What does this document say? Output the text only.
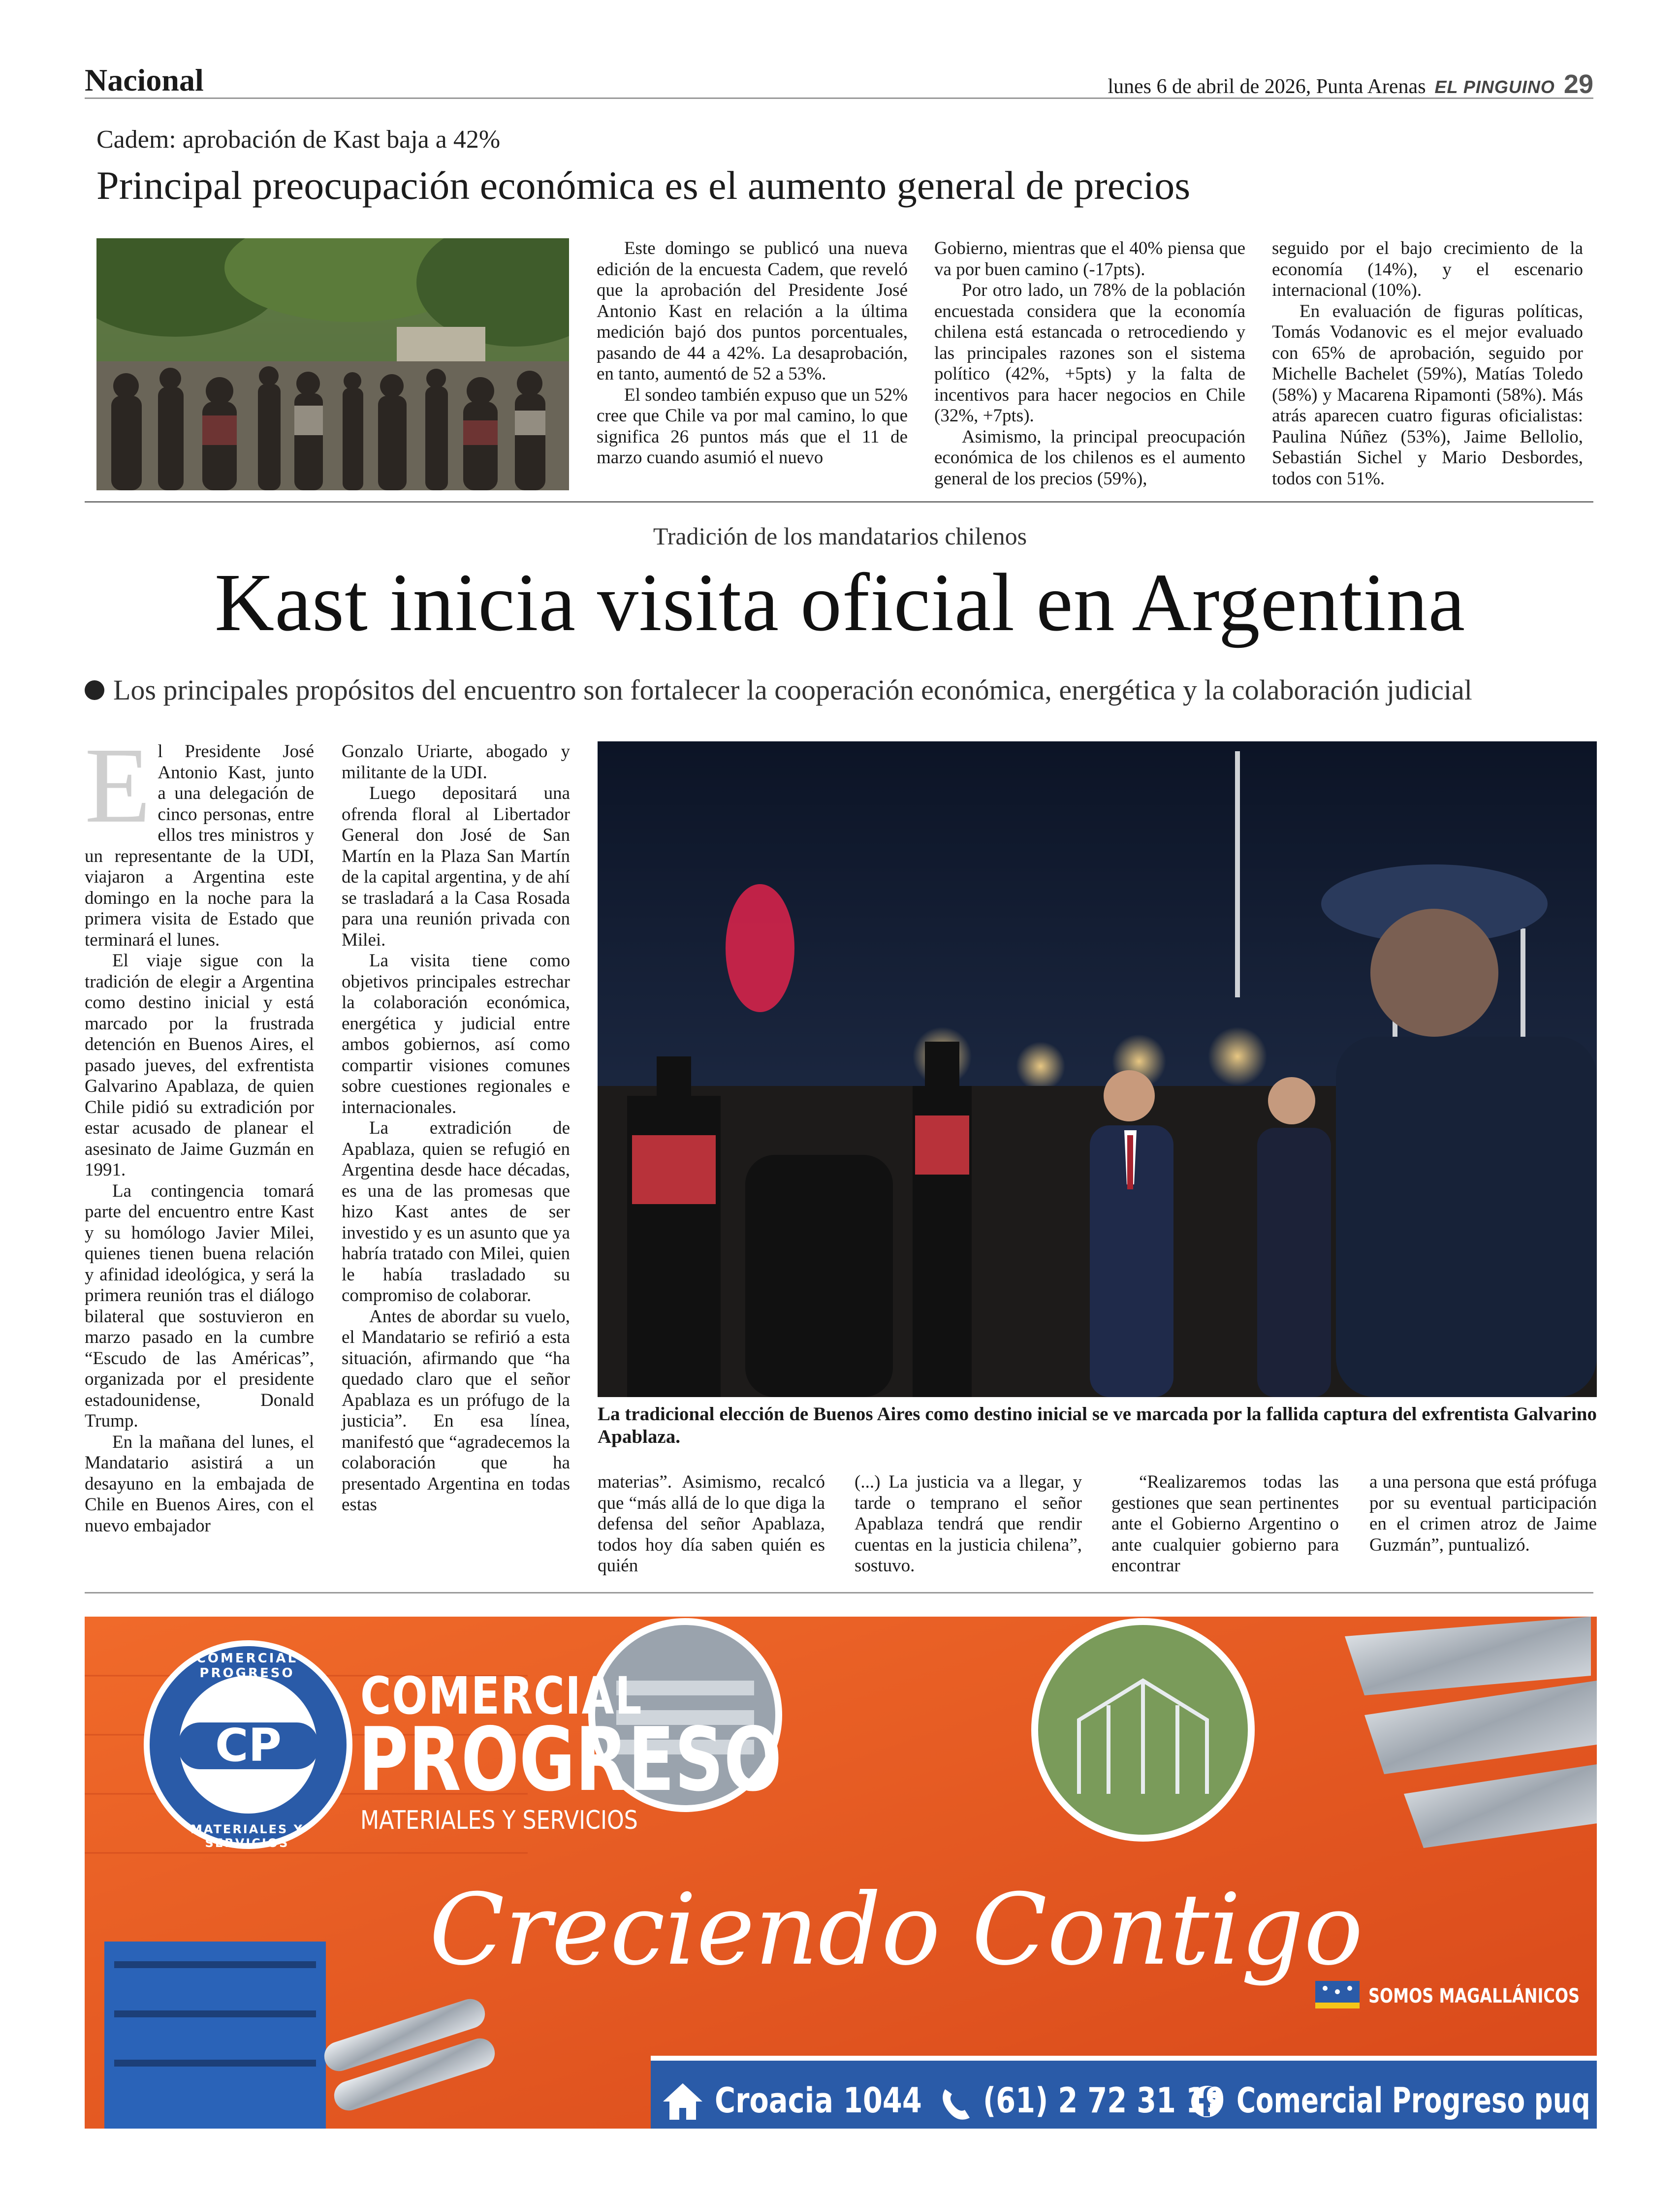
Nacional	lunes 6 de abril de 2026, Punta Arenas EL PINGUINO 29
Cadem: aprobación de Kast baja a 42%
Principal preocupación económica es el aumento general de precios

Este domingo se publicó una nueva edición de la encuesta Cadem, que reveló que la aprobación del Presidente José Antonio Kast en relación a la última medición bajó dos puntos porcentuales, pasando de 44 a 42%. La desaprobación, en tanto, aumentó de 52 a 53%.

El sondeo también expuso que un 52% cree que Chile va por mal camino, lo que significa 26 puntos más que el 11 de marzo cuando asumió el nuevo

Gobierno, mientras que el 40% piensa que va por buen camino (-17pts).

Por otro lado, un 78% de la población encuestada considera que la economía chilena está estancada o retrocediendo y las principales razones son el sistema político (42%, +5pts) y la falta de incentivos para hacer negocios en Chile (32%, +7pts).

Asimismo, la principal preocupación económica de los chilenos es el aumento general de los precios (59%),

seguido por el bajo crecimiento de la economía (14%), y el escenario internacional (10%).

En evaluación de figuras políticas, Tomás Vodanovic es el mejor evaluado con 65% de aprobación, seguido por Michelle Bachelet (59%), Matías Toledo (58%) y Macarena Ripamonti (58%). Más atrás aparecen cuatro figuras oficialistas: Paulina Núñez (53%), Jaime Bellolio, Sebastián Sichel y Mario Desbordes, todos con 51%.

Tradición de los mandatarios chilenos
Kast inicia visita oficial en Argentina
Los principales propósitos del encuentro son fortalecer la cooperación económica, energética y la colaboración judicial

El Presidente José Antonio Kast, junto a una delegación de cinco personas, entre ellos tres ministros y un representante de la UDI, viajaron a Argentina este domingo en la noche para la primera visita de Estado que terminará el lunes.

El viaje sigue con la tradición de elegir a Argentina como destino inicial y está marcado por la frustrada detención en Buenos Aires, el pasado jueves, del exfrentista Galvarino Apablaza, de quien Chile pidió su extradición por estar acusado de planear el asesinato de Jaime Guzmán en 1991.

La contingencia tomará parte del encuentro entre Kast y su homólogo Javier Milei, quienes tienen buena relación y afinidad ideológica, y será la primera reunión tras el diálogo bilateral que sostuvieron en marzo pasado en la cumbre “Escudo de las Américas”, organizada por el presidente estadounidense, Donald Trump.

En la mañana del lunes, el Mandatario asistirá a un desayuno en la embajada de Chile en Buenos Aires, con el nuevo embajador

Gonzalo Uriarte, abogado y militante de la UDI.

Luego depositará una ofrenda floral al Libertador General don José de San Martín en la Plaza San Martín de la capital argentina, y de ahí se trasladará a la Casa Rosada para una reunión privada con Milei.

La visita tiene como objetivos principales estrechar la colaboración económica, energética y judicial entre ambos gobiernos, así como compartir visiones comunes sobre cuestiones regionales e internacionales.

La extradición de Apablaza, quien se refugió en Argentina desde hace décadas, es una de las promesas que hizo Kast antes de ser investido y es un asunto que ya habría tratado con Milei, quien le había trasladado su compromiso de colaborar.

Antes de abordar su vuelo, el Mandatario se refirió a esta situación, afirmando que “ha quedado claro que el señor Apablaza es un prófugo de la justicia”. En esa línea, manifestó que “agradecemos la colaboración que ha presentado Argentina en todas estas

La tradicional elección de Buenos Aires como destino inicial se ve marcada por la fallida captura del exfrentista Galvarino Apablaza.

materias”. Asimismo, recalcó que “más allá de lo que diga la defensa del señor Apablaza, todos hoy día saben quién es quién

(...) La justicia va a llegar, y tarde o temprano el señor Apablaza tendrá que rendir cuentas en la justicia chilena”, sostuvo.

“Realizaremos todas las gestiones que sean pertinentes ante el Gobierno Argentino o ante cualquier gobierno para encontrar

a una persona que está prófuga por su eventual participación en el crimen atroz de Jaime Guzmán”, puntualizó.

COMERCIAL PROGRESO
CP
MATERIALES Y SERVICIOS
COMERCIAL
PROGRESO
MATERIALES Y SERVICIOS
Creciendo Contigo
SOMOS MAGALLÁNICOS
Croacia 1044 (61) 2 72 31 19 Comercial Progreso puq
